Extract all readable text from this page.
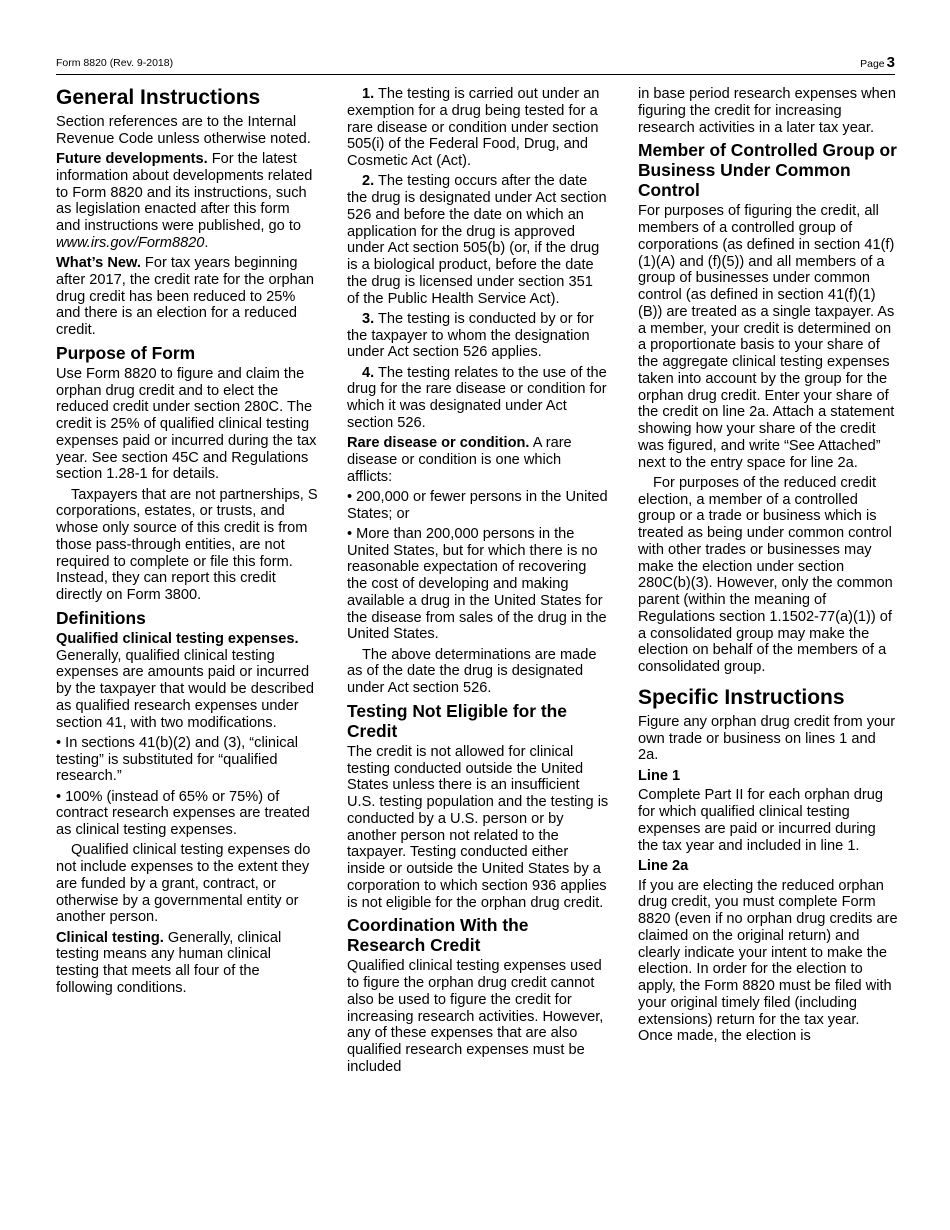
Form 8820 (Rev. 9-2018)	Page 3
General Instructions

Section references are to the Internal Revenue Code unless otherwise noted.

Future developments. For the latest information about developments related to Form 8820 and its instructions, such as legislation enacted after this form and instructions were published, go to www.irs.gov/Form8820.

What’s New. For tax years beginning after 2017, the credit rate for the orphan drug credit has been reduced to 25% and there is an election for a reduced credit.

Purpose of Form

Use Form 8820 to figure and claim the orphan drug credit and to elect the reduced credit under section 280C. The credit is 25% of qualified clinical testing expenses paid or incurred during the tax year. See section 45C and Regulations section 1.28-1 for details.

Taxpayers that are not partnerships, S corporations, estates, or trusts, and whose only source of this credit is from those pass-through entities, are not required to complete or file this form. Instead, they can report this credit directly on Form 3800.

Definitions

Qualified clinical testing expenses. Generally, qualified clinical testing expenses are amounts paid or incurred by the taxpayer that would be described as qualified research expenses under section 41, with two modifications.

• In sections 41(b)(2) and (3), “clinical testing” is substituted for “qualified research.”

• 100% (instead of 65% or 75%) of contract research expenses are treated as clinical testing expenses.

Qualified clinical testing expenses do not include expenses to the extent they are funded by a grant, contract, or otherwise by a governmental entity or another person.

Clinical testing. Generally, clinical testing means any human clinical testing that meets all four of the following conditions.

1. The testing is carried out under an exemption for a drug being tested for a rare disease or condition under section 505(i) of the Federal Food, Drug, and Cosmetic Act (Act).

2. The testing occurs after the date the drug is designated under Act section 526 and before the date on which an application for the drug is approved under Act section 505(b) (or, if the drug is a biological product, before the date the drug is licensed under section 351 of the Public Health Service Act).

3. The testing is conducted by or for the taxpayer to whom the designation under Act section 526 applies.

4. The testing relates to the use of the drug for the rare disease or condition for which it was designated under Act section 526.

Rare disease or condition. A rare disease or condition is one which afflicts:

• 200,000 or fewer persons in the United States; or

• More than 200,000 persons in the United States, but for which there is no reasonable expectation of recovering the cost of developing and making available a drug in the United States for the disease from sales of the drug in the United States.

The above determinations are made as of the date the drug is designated under Act section 526.

Testing Not Eligible for the Credit

The credit is not allowed for clinical testing conducted outside the United States unless there is an insufficient U.S. testing population and the testing is conducted by a U.S. person or by another person not related to the taxpayer. Testing conducted either inside or outside the United States by a corporation to which section 936 applies is not eligible for the orphan drug credit.

Coordination With the Research Credit

Qualified clinical testing expenses used to figure the orphan drug credit cannot also be used to figure the credit for increasing research activities. However, any of these expenses that are also qualified research expenses must be included

in base period research expenses when figuring the credit for increasing research activities in a later tax year.

Member of Controlled Group or Business Under Common Control

For purposes of figuring the credit, all members of a controlled group of corporations (as defined in section 41(f)(1)(A) and (f)(5)) and all members of a group of businesses under common control (as defined in section 41(f)(1)(B)) are treated as a single taxpayer. As a member, your credit is determined on a proportionate basis to your share of the aggregate clinical testing expenses taken into account by the group for the orphan drug credit. Enter your share of the credit on line 2a. Attach a statement showing how your share of the credit was figured, and write “See Attached” next to the entry space for line 2a.

For purposes of the reduced credit election, a member of a controlled group or a trade or business which is treated as being under common control with other trades or businesses may make the election under section 280C(b)(3). However, only the common parent (within the meaning of Regulations section 1.1502-77(a)(1)) of a consolidated group may make the election on behalf of the members of a consolidated group.

Specific Instructions

Figure any orphan drug credit from your own trade or business on lines 1 and 2a.

Line 1

Complete Part II for each orphan drug for which qualified clinical testing expenses are paid or incurred during the tax year and included in line 1.

Line 2a

If you are electing the reduced orphan drug credit, you must complete Form 8820 (even if no orphan drug credits are claimed on the original return) and clearly indicate your intent to make the election. In order for the election to apply, the Form 8820 must be filed with your original timely filed (including extensions) return for the tax year. Once made, the election is
